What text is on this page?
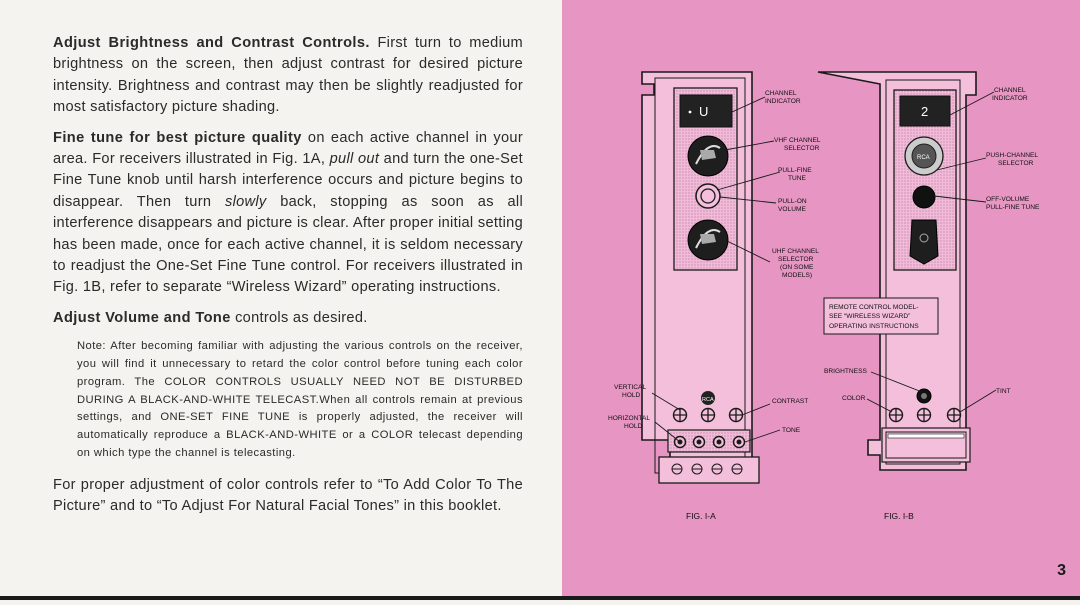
Adjust Brightness and Contrast Controls. First turn to medium brightness on the screen, then adjust contrast for desired picture intensity. Brightness and contrast may then be slightly readjusted for most satisfactory picture shading.

Fine tune for best picture quality on each active channel in your area. For receivers illustrated in Fig. 1A, pull out and turn the one-Set Fine Tune knob until harsh interference occurs and picture begins to disappear. Then turn slowly back, stopping as soon as all interference disappears and picture is clear. After proper initial setting has been made, once for each active channel, it is seldom necessary to readjust the One-Set Fine Tune control. For receivers illustrated in Fig. 1B, refer to separate “Wireless Wizard” operating instructions.

Adjust Volume and Tone controls as desired.

Note: After becoming familiar with adjusting the various controls on the receiver, you will find it unnecessary to retard the color control before tuning each color program. The COLOR CONTROLS USUALLY NEED NOT BE DISTURBED DURING A BLACK-AND-WHITE TELECAST.When all controls remain at previous settings, and ONE-SET FINE TUNE is properly adjusted, the receiver will automatically reproduce a BLACK-AND-WHITE or a COLOR telecast depending on which type the channel is telecasting.

For proper adjustment of color controls refer to “To Add Color To The Picture” and to “To Adjust For Natural Facial Tones” in this booklet.

U
RCA
CHANNEL
INDICATOR
VHF CHANNEL
SELECTOR
PULL-FINE
TUNE
PULL-ON
VOLUME
UHF CHANNEL
SELECTOR
(ON SOME
MODELS)
VERTICAL
HOLD
HORIZONTAL
HOLD
CONTRAST
TONE
FIG. I-A
2
RCA
REMOTE CONTROL MODEL-
SEE “WIRELESS WIZARD”
OPERATING INSTRUCTIONS
CHANNEL
INDICATOR
PUSH-CHANNEL
SELECTOR
OFF-VOLUME
PULL-FINE TUNE
BRIGHTNESS
COLOR
TINT
FIG. I-B
3
